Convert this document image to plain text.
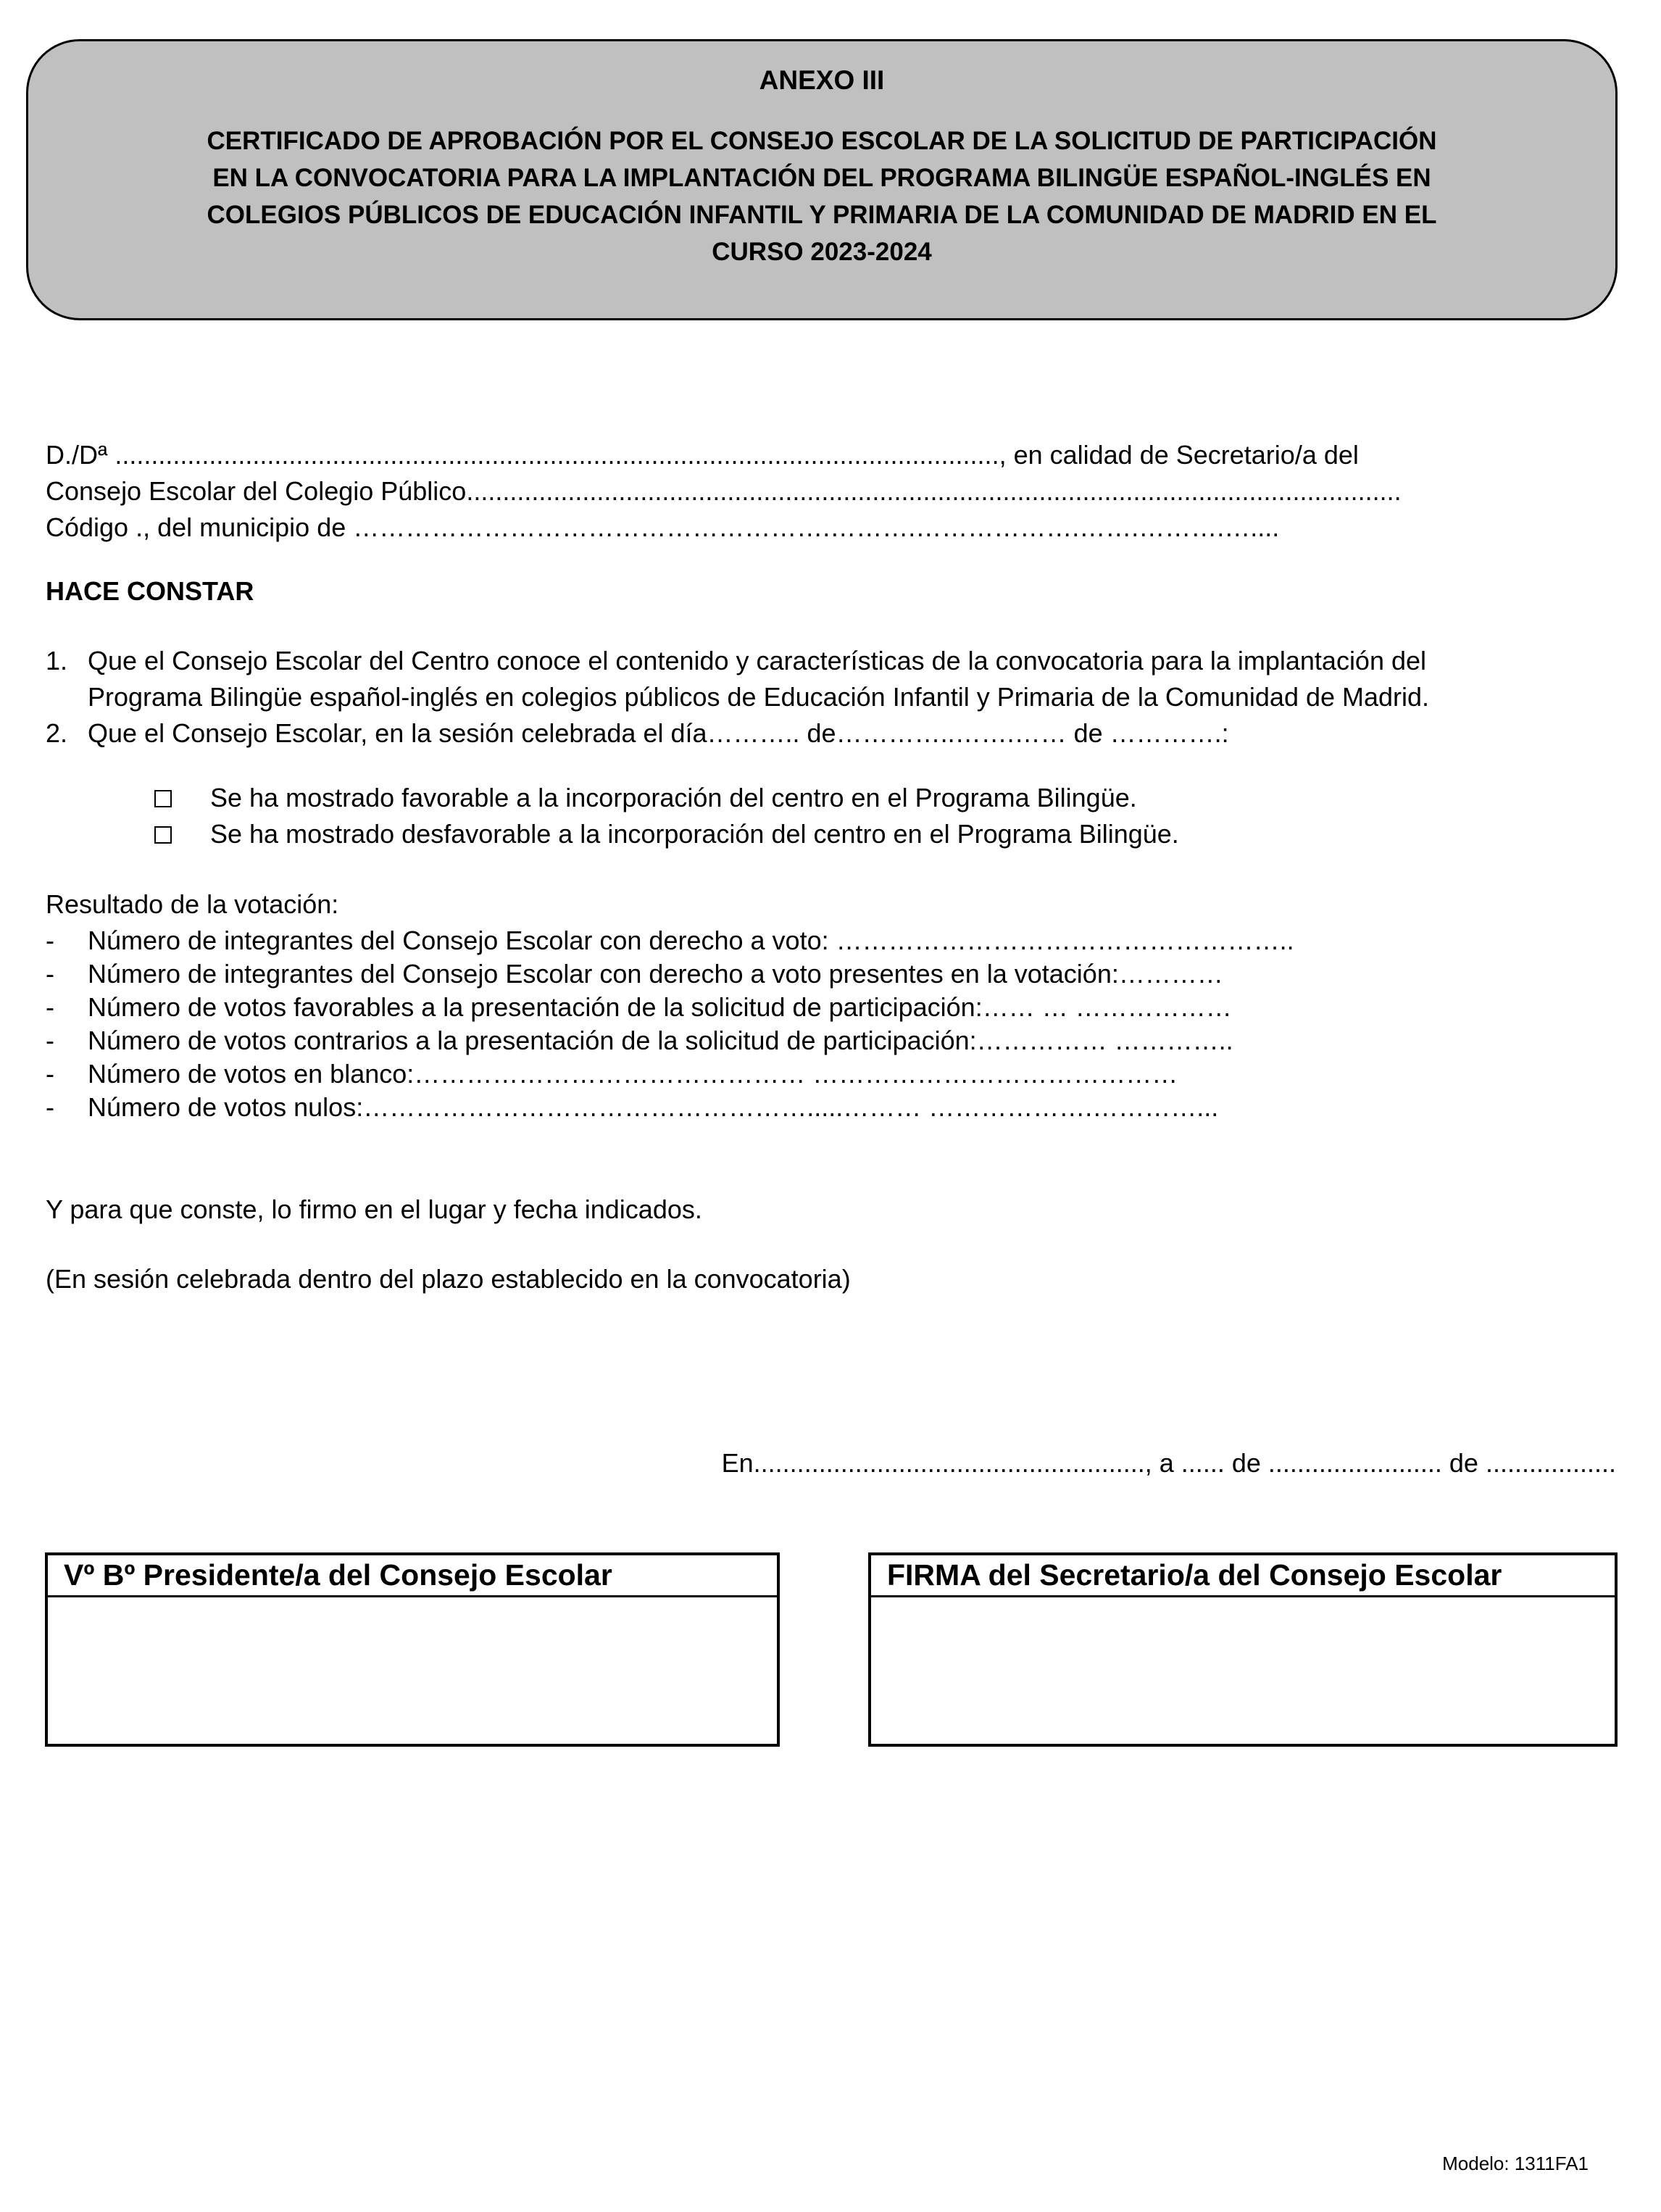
ANEXO III
CERTIFICADO DE APROBACIÓN POR EL CONSEJO ESCOLAR DE LA SOLICITUD DE PARTICIPACIÓN
EN LA CONVOCATORIA PARA LA IMPLANTACIÓN DEL PROGRAMA BILINGÜE ESPAÑOL-INGLÉS EN
COLEGIOS PÚBLICOS DE EDUCACIÓN INFANTIL Y PRIMARIA DE LA COMUNIDAD DE MADRID EN EL
CURSO 2023-2024
D./Dª .........................................................................................................................., en calidad de Secretario/a del
Consejo Escolar del Colegio Público.................................................................................................................................
Código ., del municipio de ……………………………………………….……….……………….…….……….…....
HACE CONSTAR
1. Que el Consejo Escolar del Centro conoce el contenido y características de la convocatoria para la implantación del
Programa Bilingüe español-inglés en colegios públicos de Educación Infantil y Primaria de la Comunidad de Madrid.
2. Que el Consejo Escolar, en la sesión celebrada el día……….. de…………..…….…… de ………….:
Se ha mostrado favorable a la incorporación del centro en el Programa Bilingüe.
Se ha mostrado desfavorable a la incorporación del centro en el Programa Bilingüe.
Resultado de la votación:
- Número de integrantes del Consejo Escolar con derecho a voto: ……………………………………………..
- Número de integrantes del Consejo Escolar con derecho a voto presentes en la votación:…………
- Número de votos favorables a la presentación de la solicitud de participación:…… … ………………
- Número de votos contrarios a la presentación de la solicitud de participación:…………… …………..
- Número de votos en blanco:……………………………………… ……………………………………
- Número de votos nulos:…………………………………………….....……… ……………….…………...
Y para que conste, lo firmo en el lugar y fecha indicados.
(En sesión celebrada dentro del plazo establecido en la convocatoria)
En......................................................, a ...... de ........................ de ..................
Vº Bº Presidente/a del Consejo Escolar	FIRMA del Secretario/a del Consejo Escolar
Modelo: 1311FA1
